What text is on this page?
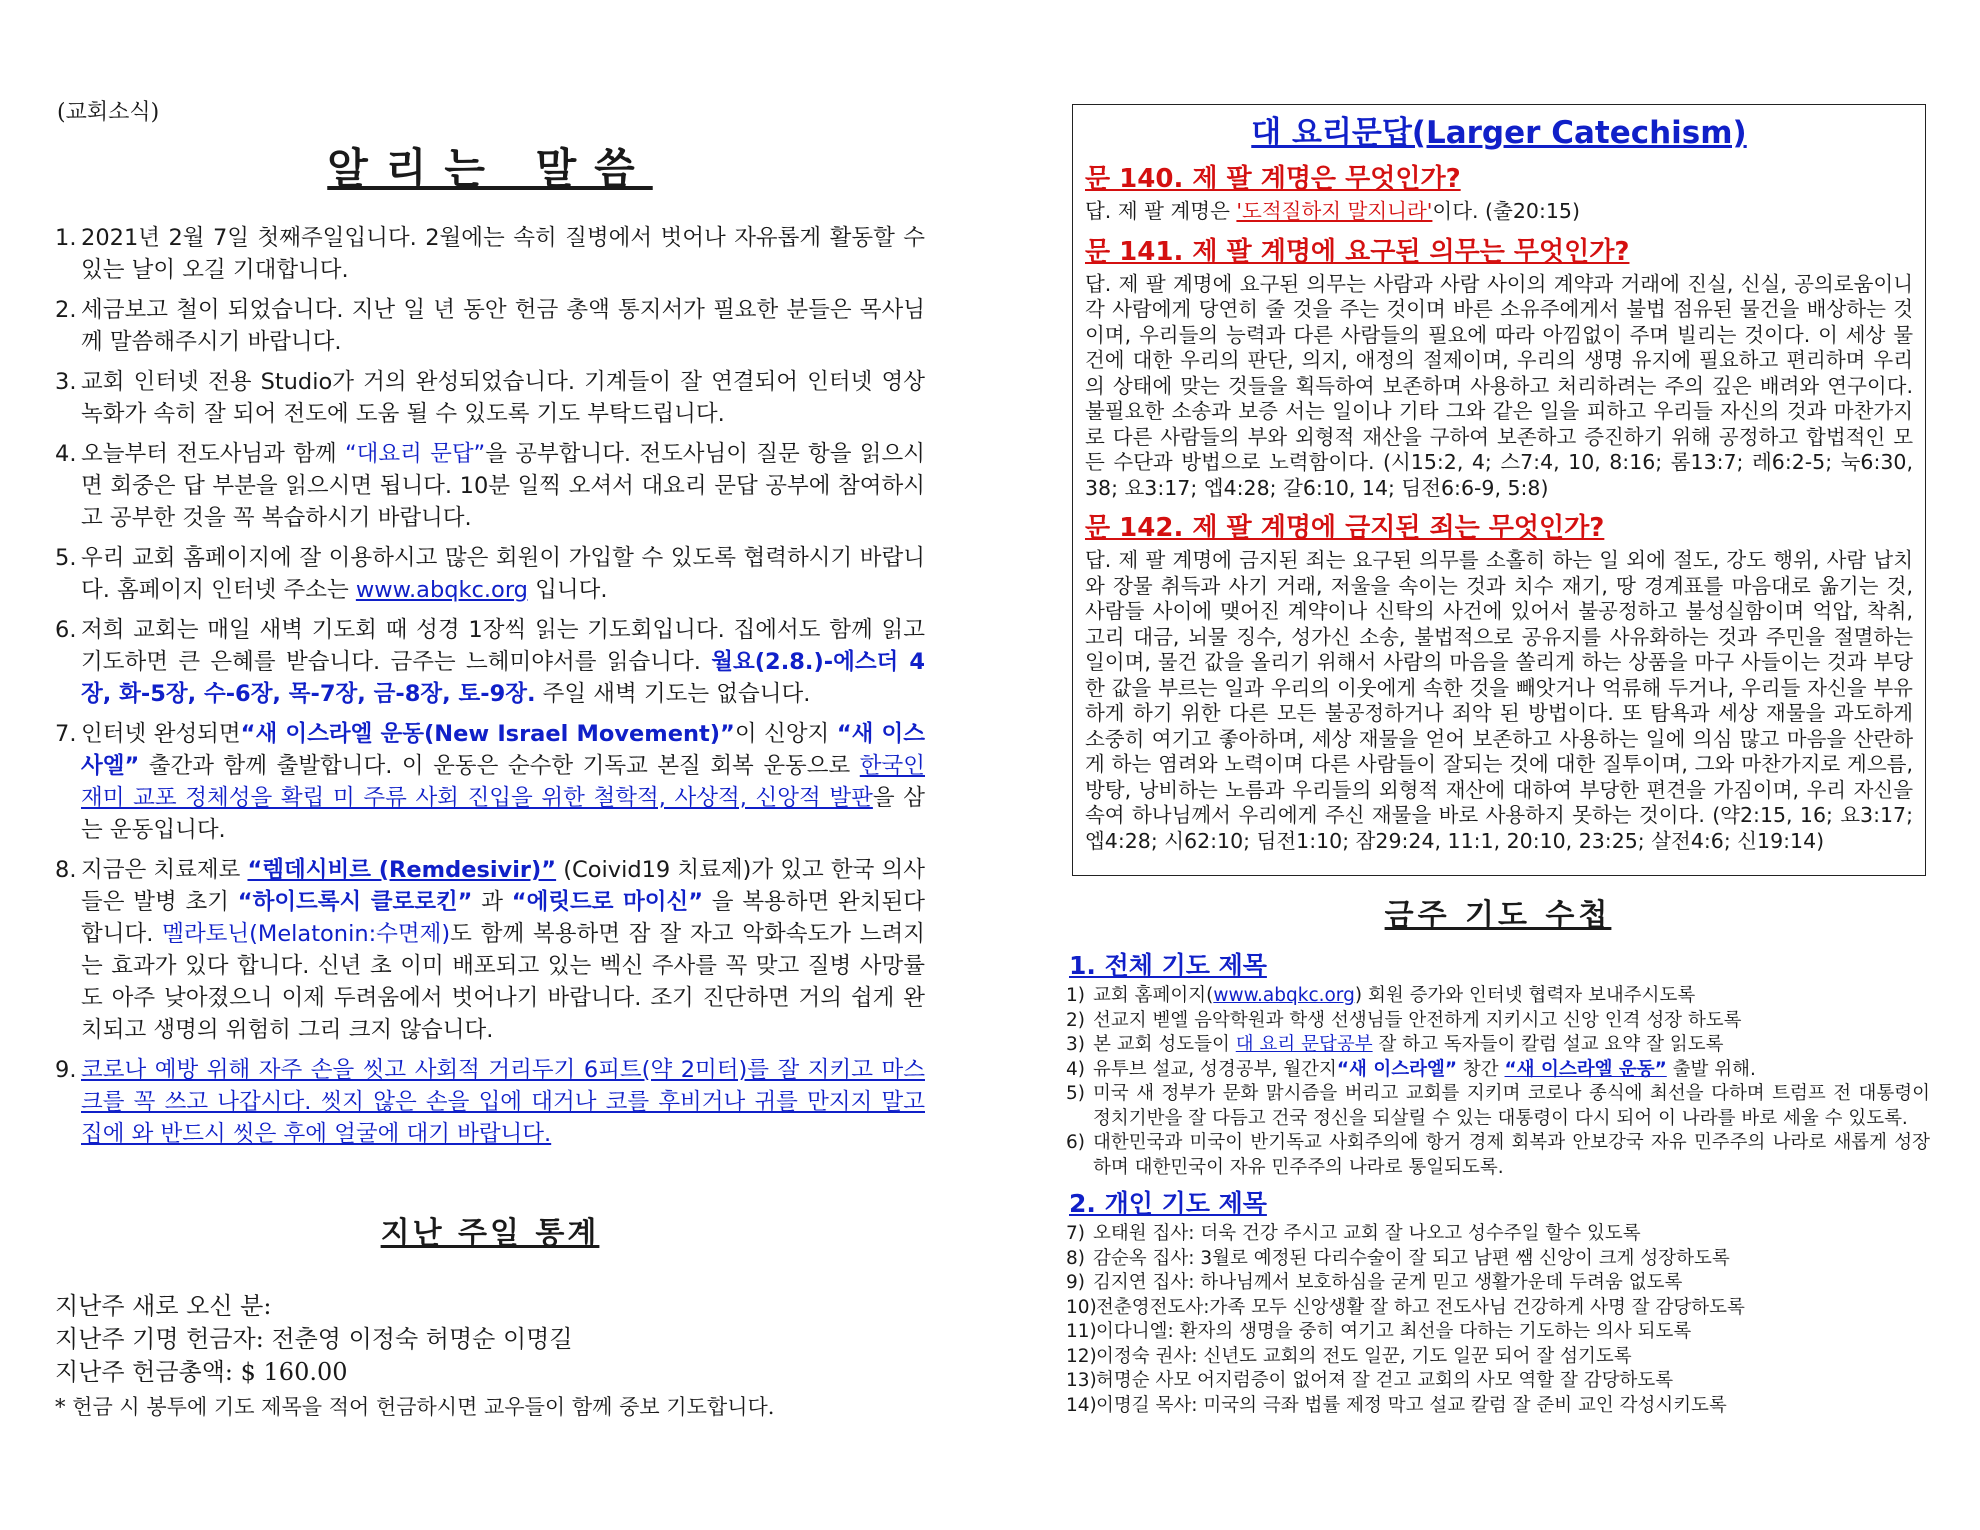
(교회소식)
알리는 말씀
1. 2021년 2월 7일 첫째주일입니다. 2월에는 속히 질병에서 벗어나 자유롭게 활동할 수 있는 날이 오길 기대합니다.

2. 세금보고 철이 되었습니다. 지난 일 년 동안 헌금 총액 통지서가 필요한 분들은 목사님께 말씀해주시기 바랍니다.

3. 교회 인터넷 전용 Studio가 거의 완성되었습니다. 기계들이 잘 연결되어 인터넷 영상 녹화가 속히 잘 되어 전도에 도움 될 수 있도록 기도 부탁드립니다.

4. 오늘부터 전도사님과 함께 “대요리 문답”을 공부합니다. 전도사님이 질문 항을 읽으시면 회중은 답 부분을 읽으시면 됩니다. 10분 일찍 오셔서 대요리 문답 공부에 참여하시고 공부한 것을 꼭 복습하시기 바랍니다.

5. 우리 교회 홈페이지에 잘 이용하시고 많은 회원이 가입할 수 있도록 협력하시기 바랍니다. 홈페이지 인터넷 주소는 www.abqkc.org 입니다.

6. 저희 교회는 매일 새벽 기도회 때 성경 1장씩 읽는 기도회입니다. 집에서도 함께 읽고 기도하면 큰 은혜를 받습니다. 금주는 느헤미야서를 읽습니다. 월요(2.8.)-에스더 4장, 화-5장, 수-6장, 목-7장, 금-8장, 토-9장. 주일 새벽 기도는 없습니다.

7. 인터넷 완성되면“새 이스라엘 운동(New Israel Movement)”이 신앙지 “새 이스사엘” 출간과 함께 출발합니다. 이 운동은 순수한 기독교 본질 회복 운동으로 한국인 재미 교포 정체성을 확립 미 주류 사회 진입을 위한 철학적, 사상적, 신앙적 발판을 삼는 운동입니다.

8. 지금은 치료제로 “렘데시비르 (Remdesivir)” (Coivid19 치료제)가 있고 한국 의사들은 발병 초기 “하이드록시 클로로킨” 과 “에릿드로 마이신” 을 복용하면 완치된다 합니다. 멜라토닌(Melatonin:수면제)도 함께 복용하면 잠 잘 자고 악화속도가 느려지는 효과가 있다 합니다. 신년 초 이미 배포되고 있는 벡신 주사를 꼭 맞고 질병 사망률도 아주 낮아졌으니 이제 두려움에서 벗어나기 바랍니다. 조기 진단하면 거의 쉽게 완치되고 생명의 위험히 그리 크지 않습니다.

9. 코로나 예방 위해 자주 손을 씻고 사회적 거리두기 6피트(약 2미터)를 잘 지키고 마스크를 꼭 쓰고 나갑시다. 씻지 않은 손을 입에 대거나 코를 후비거나 귀를 만지지 말고 집에 와 반드시 씻은 후에 얼굴에 대기 바랍니다.

지난 주일 통계
지난주 새로 오신 분:
지난주 기명 헌금자: 전춘영 이정숙 허명순 이명길
지난주 헌금총액: $ 160.00
* 헌금 시 봉투에 기도 제목을 적어 헌금하시면 교우들이 함께 중보 기도합니다.
대 요리문답(Larger Catechism)
문 140. 제 팔 계명은 무엇인가?

답. 제 팔 계명은 '도적질하지 말지니라'이다. (출20:15)

문 141. 제 팔 계명에 요구된 의무는 무엇인가?

답. 제 팔 계명에 요구된 의무는 사람과 사람 사이의 계약과 거래에 진실, 신실, 공의로움이니 각 사람에게 당연히 줄 것을 주는 것이며 바른 소유주에게서 불법 점유된 물건을 배상하는 것이며, 우리들의 능력과 다른 사람들의 필요에 따라 아낌없이 주며 빌리는 것이다. 이 세상 물건에 대한 우리의 판단, 의지, 애정의 절제이며, 우리의 생명 유지에 필요하고 편리하며 우리의 상태에 맞는 것들을 획득하여 보존하며 사용하고 처리하려는 주의 깊은 배려와 연구이다. 불필요한 소송과 보증 서는 일이나 기타 그와 같은 일을 피하고 우리들 자신의 것과 마찬가지로 다른 사람들의 부와 외형적 재산을 구하여 보존하고 증진하기 위해 공정하고 합법적인 모든 수단과 방법으로 노력함이다. (시15:2, 4; 스7:4, 10, 8:16; 롬13:7; 레6:2-5; 눅6:30, 38; 요3:17; 엡4:28; 갈6:10, 14; 딤전6:6-9, 5:8)

문 142. 제 팔 계명에 금지된 죄는 무엇인가?

답. 제 팔 계명에 금지된 죄는 요구된 의무를 소홀히 하는 일 외에 절도, 강도 행위, 사람 납치와 장물 취득과 사기 거래, 저울을 속이는 것과 치수 재기, 땅 경계표를 마음대로 옮기는 것, 사람들 사이에 맺어진 계약이나 신탁의 사건에 있어서 불공정하고 불성실함이며 억압, 착취, 고리 대금, 뇌물 징수, 성가신 소송, 불법적으로 공유지를 사유화하는 것과 주민을 절멸하는 일이며, 물건 값을 올리기 위해서 사람의 마음을 쏠리게 하는 상품을 마구 사들이는 것과 부당한 값을 부르는 일과 우리의 이웃에게 속한 것을 빼앗거나 억류해 두거나, 우리들 자신을 부유하게 하기 위한 다른 모든 불공정하거나 죄악 된 방법이다. 또 탐욕과 세상 재물을 과도하게 소중히 여기고 좋아하며, 세상 재물을 얻어 보존하고 사용하는 일에 의심 많고 마음을 산란하게 하는 염려와 노력이며 다른 사람들이 잘되는 것에 대한 질투이며, 그와 마찬가지로 게으름, 방탕, 낭비하는 노름과 우리들의 외형적 재산에 대하여 부당한 편견을 가짐이며, 우리 자신을 속여 하나님께서 우리에게 주신 재물을 바로 사용하지 못하는 것이다. (약2:15, 16; 요3:17; 엡4:28; 시62:10; 딤전1:10; 잠29:24, 11:1, 20:10, 23:25; 살전4:6; 신19:14)

금주 기도 수첩
1. 전체 기도 제목
1) 교회 홈페이지(www.abqkc.org) 회원 증가와 인터넷 협력자 보내주시도록
2) 선교지 벧엘 음악학원과 학생 선생님들 안전하게 지키시고 신앙 인격 성장 하도록
3) 본 교회 성도들이 대 요리 문답공부 잘 하고 독자들이 칼럼 설교 요약 잘 읽도록
4) 유투브 설교, 성경공부, 월간지“새 이스라엘” 창간 “새 이스라엘 운동” 출발 위해.
5) 미국 새 정부가 문화 맑시즘을 버리고 교회를 지키며 코로나 종식에 최선을 다하며 트럼프 전 대통령이 정치기반을 잘 다듬고 건국 정신을 되살릴 수 있는 대통령이 다시 되어 이 나라를 바로 세울 수 있도록.
6) 대한민국과 미국이 반기독교 사회주의에 항거 경제 회복과 안보강국 자유 민주주의 나라로 새롭게 성장하며 대한민국이 자유 민주주의 나라로 통일되도록.
2. 개인 기도 제목
7) 오태원 집사: 더욱 건강 주시고 교회 잘 나오고 성수주일 할수 있도록
8) 감순옥 집사: 3월로 예정된 다리수술이 잘 되고 남편 쌤 신앙이 크게 성장하도록
9) 김지연 집사: 하나님께서 보호하심을 굳게 믿고 생활가운데 두려움 없도록
10) 전춘영전도사:가족 모두 신앙생활 잘 하고 전도사님 건강하게 사명 잘 감당하도록
11) 이다니엘: 환자의 생명을 중히 여기고 최선을 다하는 기도하는 의사 되도록
12) 이정숙 권사: 신년도 교회의 전도 일꾼, 기도 일꾼 되어 잘 섬기도록
13) 허명순 사모 어지럼증이 없어져 잘 걷고 교회의 사모 역할 잘 감당하도록
14) 이명길 목사: 미국의 극좌 법률 제정 막고 설교 칼럼 잘 준비 교인 각성시키도록
